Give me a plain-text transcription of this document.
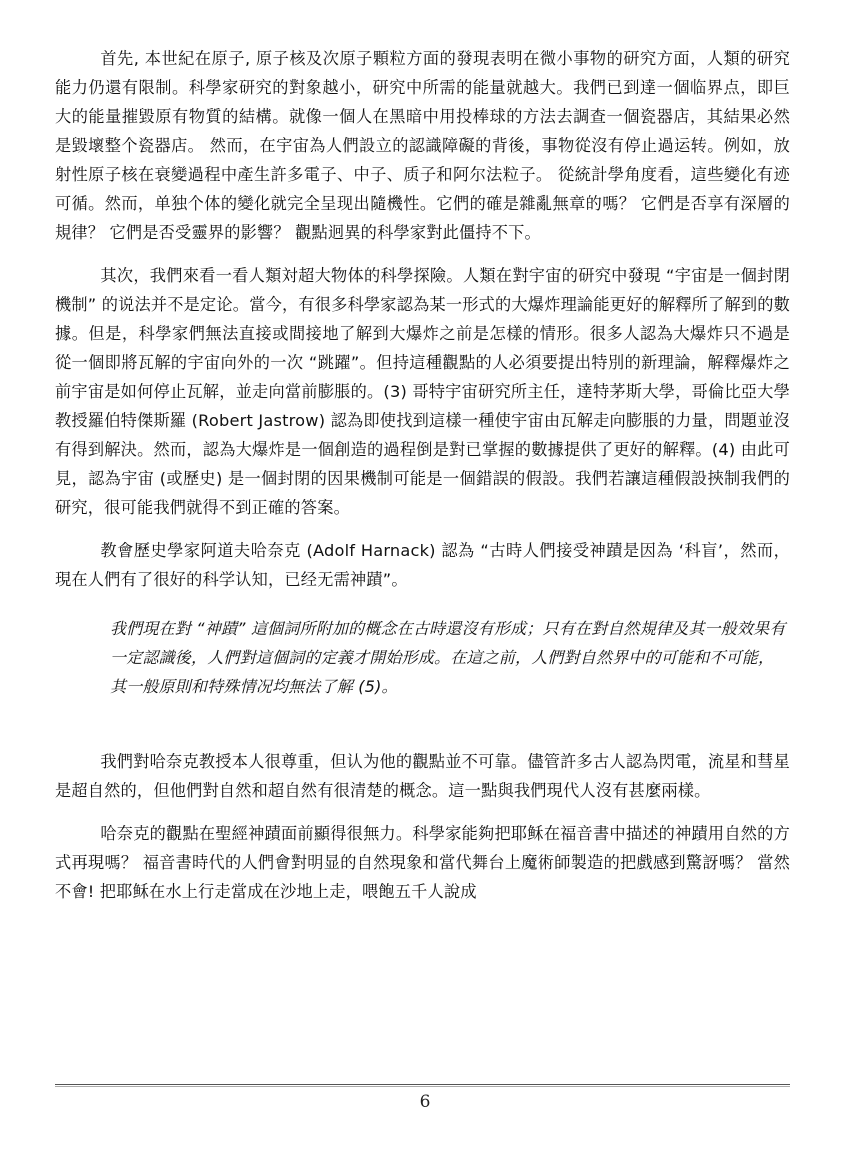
首先, 本世紀在原子, 原子核及次原子顆粒方面的發現表明在微小事物的研究方面，人類的研究能力仍還有限制。科學家研究的對象越小，研究中所需的能量就越大。我們已到達一個临界点，即巨大的能量摧毀原有物質的結構。就像一個人在黑暗中用投棒球的方法去調查一個瓷器店，其結果必然是毀壞整个瓷器店。 然而，在宇宙為人們設立的認識障礙的背後，事物從沒有停止過运转。例如，放射性原子核在衰變過程中產生許多電子、中子、质子和阿尔法粒子。 從統計學角度看，這些變化有迹可循。然而，单独个体的變化就完全呈现出隨機性。它們的確是雜亂無章的嗎？ 它們是否享有深層的規律？ 它們是否受靈界的影響？ 觀點迥異的科學家對此僵持不下。

其次，我們來看一看人類対超大物体的科學探險。人類在對宇宙的研究中發現 “宇宙是一個封閉機制” 的说法并不是定论。當今，有很多科學家認為某一形式的大爆炸理論能更好的解釋所了解到的數據。但是，科學家們無法直接或間接地了解到大爆炸之前是怎樣的情形。很多人認為大爆炸只不過是從一個即將瓦解的宇宙向外的一次 “跳躍”。但持這種觀點的人必須要提出特別的新理論，解釋爆炸之前宇宙是如何停止瓦解，並走向當前膨脹的。(3) 哥特宇宙研究所主任，達特茅斯大學，哥倫比亞大學教授羅伯特傑斯羅 (Robert Jastrow) 認為即使找到這樣一種使宇宙由瓦解走向膨脹的力量，問題並沒有得到解決。然而，認為大爆炸是一個創造的過程倒是對已掌握的數據提供了更好的解釋。(4) 由此可見，認為宇宙 (或歷史) 是一個封閉的因果機制可能是一個錯誤的假設。我們若讓這種假設挾制我們的研究，很可能我們就得不到正確的答案。

教會歷史學家阿道夫哈奈克 (Adolf Harnack) 認為 “古時人們接受神蹟是因為 ‘科盲’，然而，現在人們有了很好的科学认知，已经无需神蹟”。

我們現在對 “神蹟” 這個詞所附加的概念在古時還沒有形成；只有在對自然規律及其一般效果有一定認識後，人們對這個詞的定義才開始形成。在這之前，人們對自然界中的可能和不可能，其一般原則和特殊情况均無法了解 (5)。

我們對哈奈克教授本人很尊重，但认为他的觀點並不可靠。儘管許多古人認為閃電，流星和彗星是超自然的，但他們對自然和超自然有很清楚的概念。這一點與我們現代人沒有甚麼兩樣。

哈奈克的觀點在聖經神蹟面前顯得很無力。科學家能夠把耶稣在福音書中描述的神蹟用自然的方式再現嗎？ 福音書時代的人們會對明显的自然現象和當代舞台上魔術師製造的把戲感到驚訝嗎？ 當然不會! 把耶稣在水上行走當成在沙地上走，喂飽五千人說成

6
